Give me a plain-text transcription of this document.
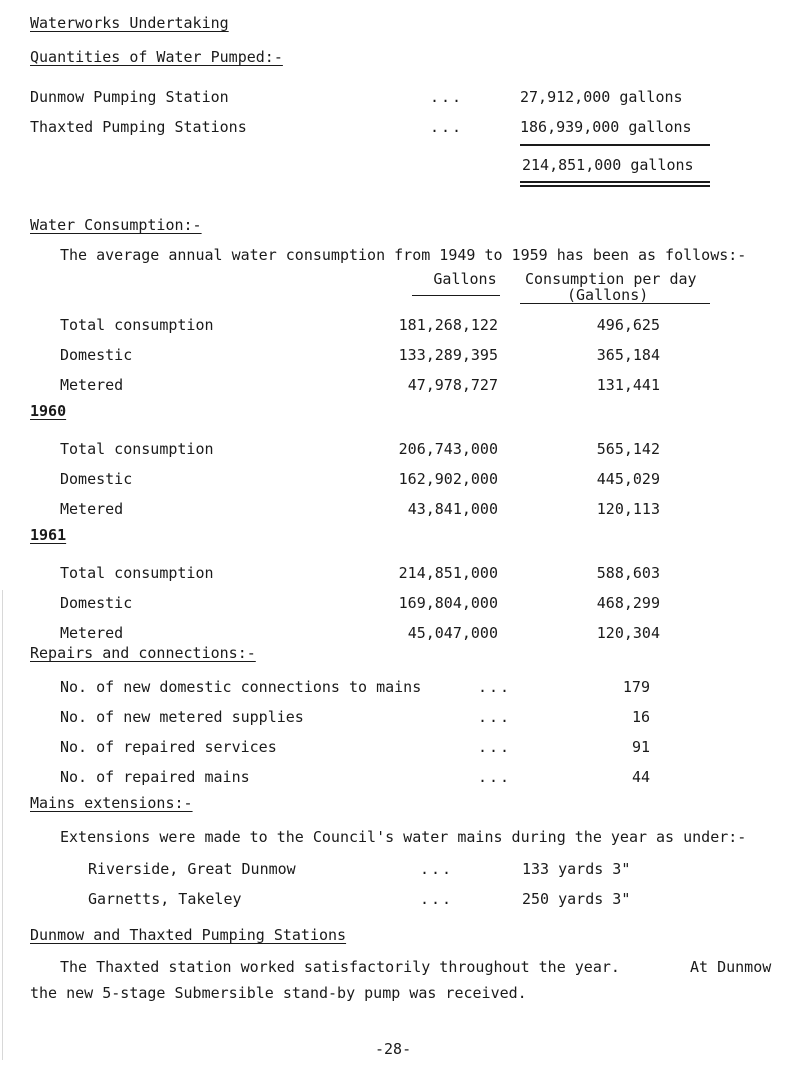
Waterworks Undertaking
Quantities of Water Pumped:-
Dunmow Pumping Station	...	27,912,000 gallons
Thaxted Pumping Stations	...	186,939,000 gallons
214,851,000 gallons
Water Consumption:-
The average annual water consumption from 1949 to 1959 has been as follows:-
Gallons	Consumption per day
(Gallons)
Total consumption	181,268,122	496,625
Domestic	133,289,395	365,184
Metered	47,978,727	131,441
1960
Total consumption	206,743,000	565,142
Domestic	162,902,000	445,029
Metered	43,841,000	120,113
1961
Total consumption	214,851,000	588,603
Domestic	169,804,000	468,299
Metered	45,047,000	120,304
Repairs and connections:-
No. of new domestic connections to mains	...	179
No. of new metered supplies	...	16
No. of repaired services	...	91
No. of repaired mains	...	44
Mains extensions:-
Extensions were made to the Council's water mains during the year as under:-
Riverside, Great Dunmow	...	133 yards 3"
Garnetts, Takeley	...	250 yards 3"
Dunmow and Thaxted Pumping Stations
The Thaxted station worked satisfactorily throughout the year.	At Dunmow
the new 5-stage Submersible stand-by pump was received.
-28-
